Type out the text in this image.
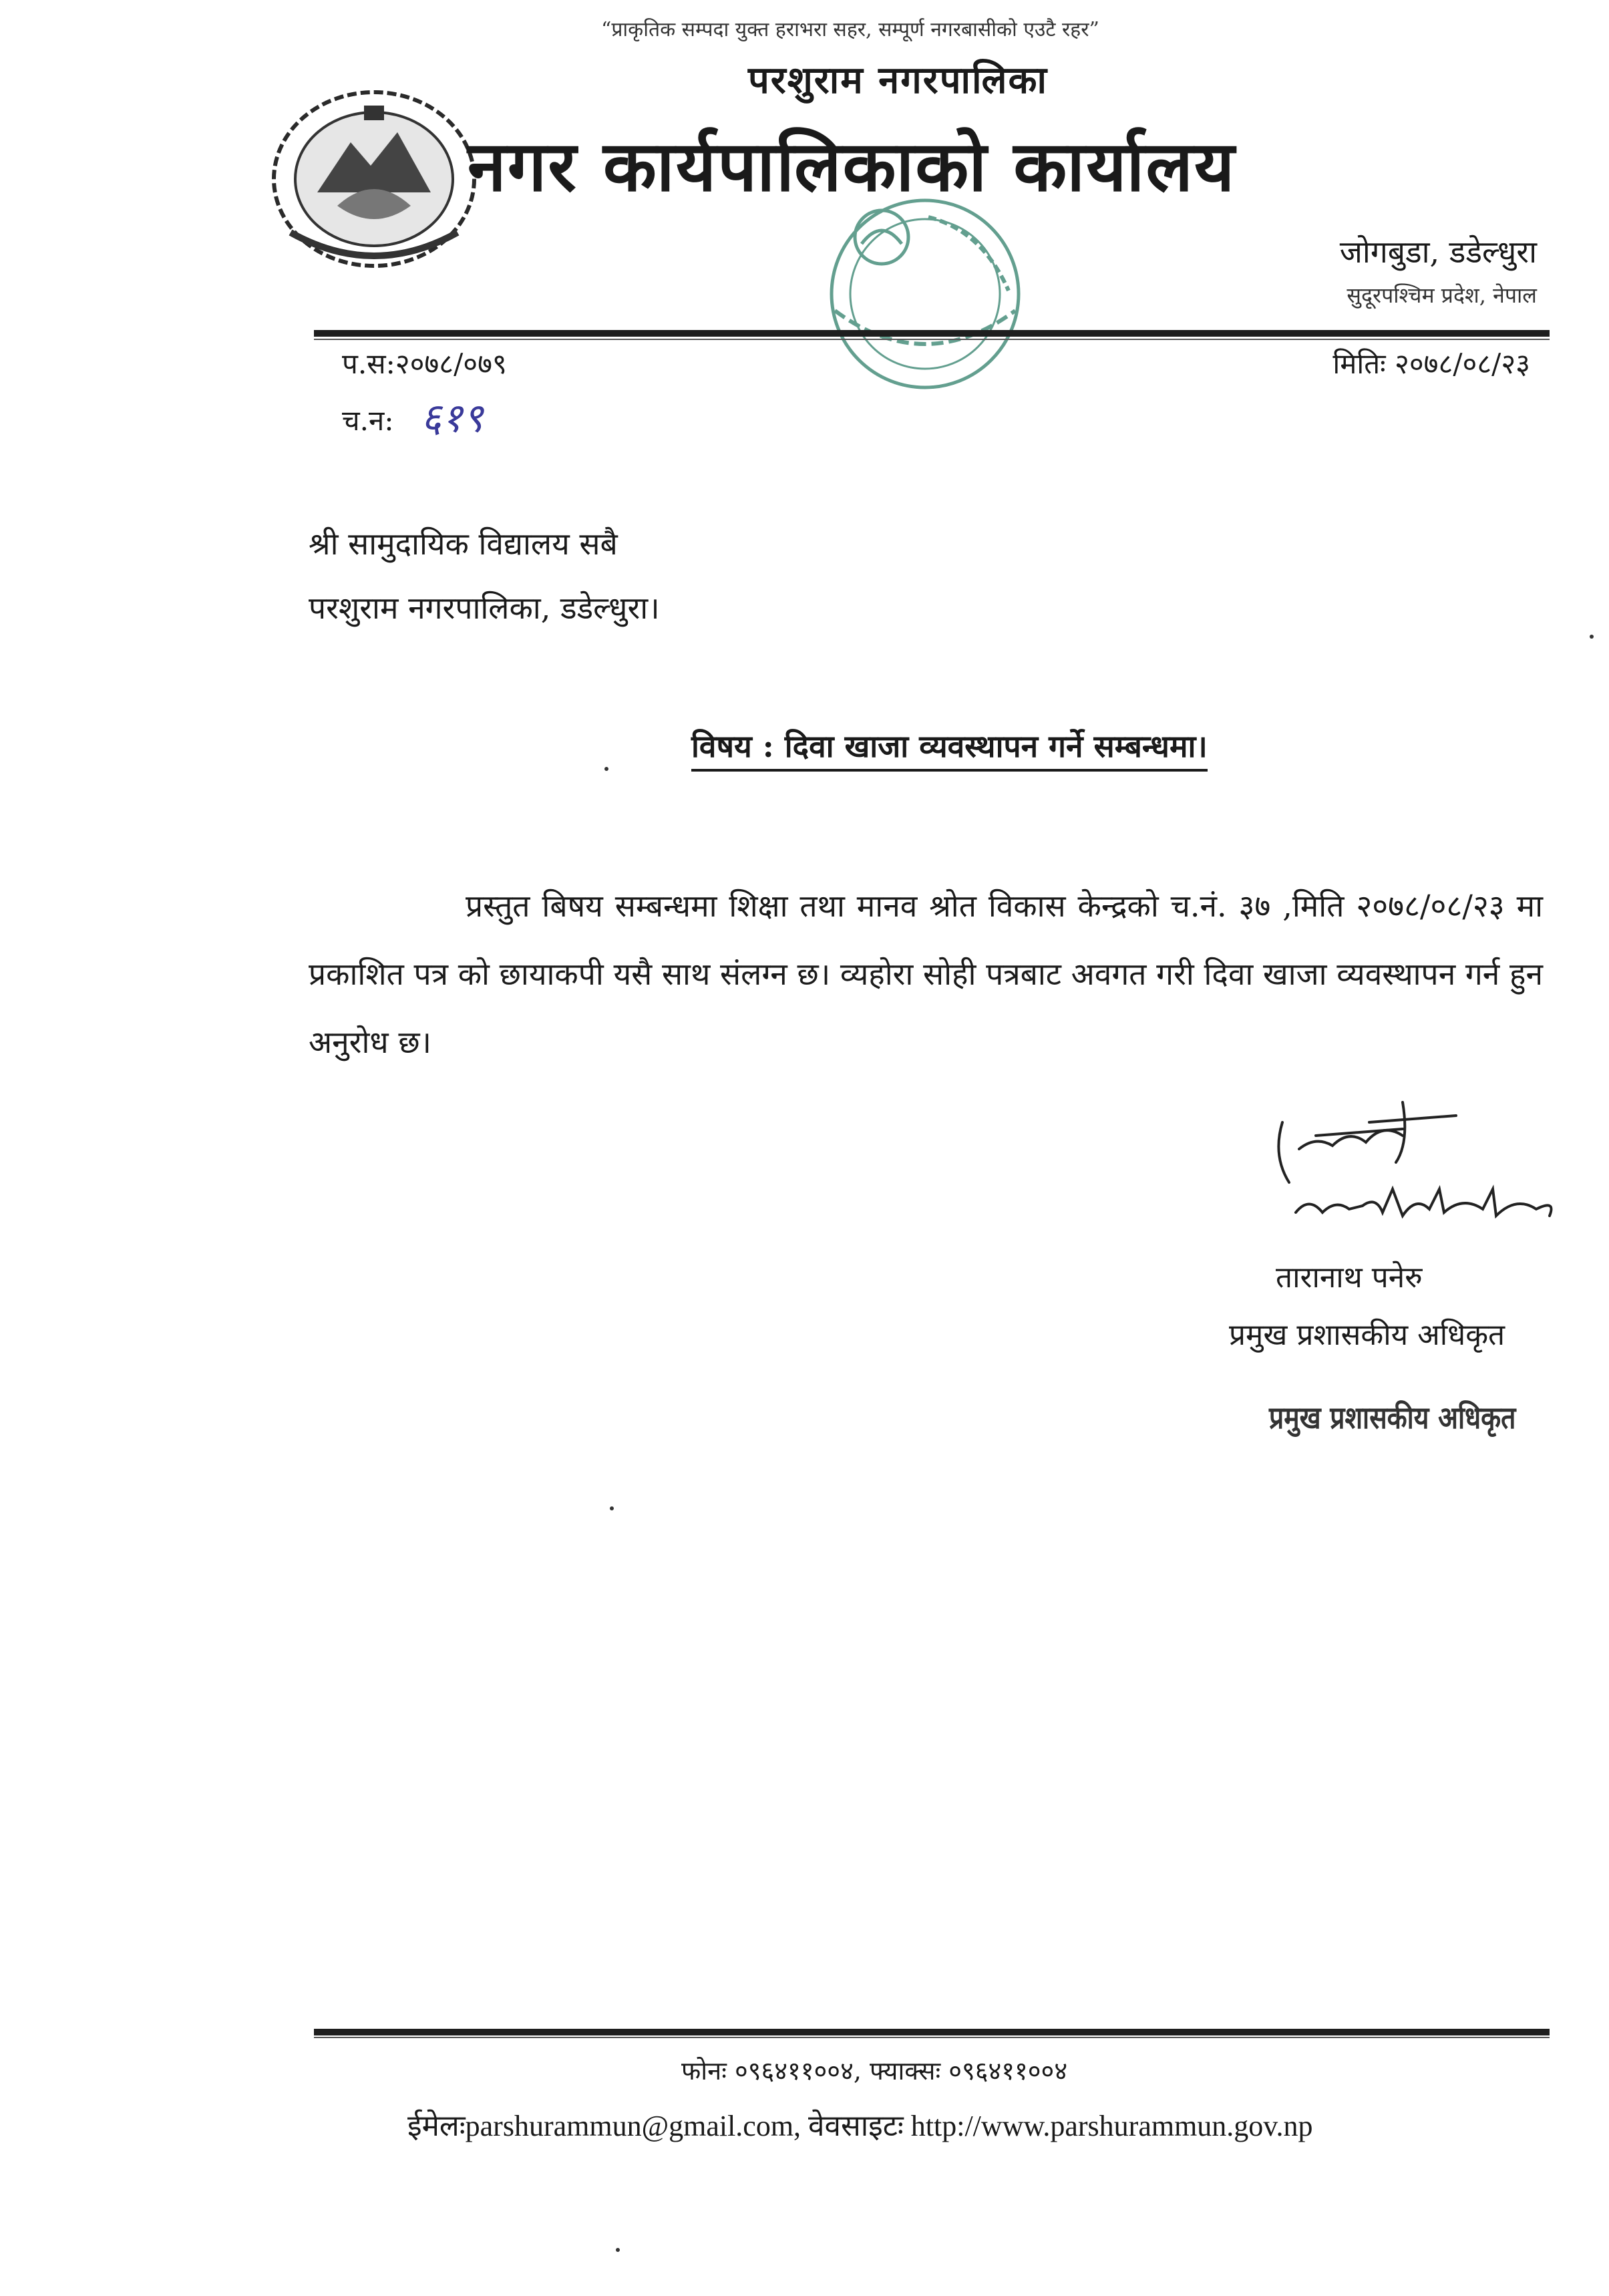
“प्राकृतिक सम्पदा युक्त हराभरा सहर, सम्पूर्ण नगरबासीको एउटै रहर”
परशुराम नगरपालिका
नगर कार्यपालिकाको कार्यालय
जोगबुडा, डडेल्धुरा
सुदूरपश्चिम प्रदेश, नेपाल
प.स:२०७८/०७९	मितिः २०७८/०८/२३
च.न: ६१९
श्री सामुदायिक विद्यालय सबै
परशुराम नगरपालिका, डडेल्धुरा।
विषय : दिवा खाजा व्यवस्थापन गर्ने सम्बन्धमा।
प्रस्तुत बिषय सम्बन्धमा शिक्षा तथा मानव श्रोत विकास केन्द्रको च.नं. ३७ ,मिति २०७८/०८/२३ मा प्रकाशित पत्र को छायाकपी यसै साथ संलग्न छ। व्यहोरा सोही पत्रबाट अवगत गरी दिवा खाजा व्यवस्थापन गर्न हुन अनुरोध छ।
तारानाथ पनेरु
प्रमुख प्रशासकीय अधिकृत
प्रमुख प्रशासकीय अधिकृत
फोनः ०९६४११००४, फ्याक्सः ०९६४११००४
ईमेलःparshurammun@gmail.com, वेवसाइटः http://www.parshurammun.gov.np
